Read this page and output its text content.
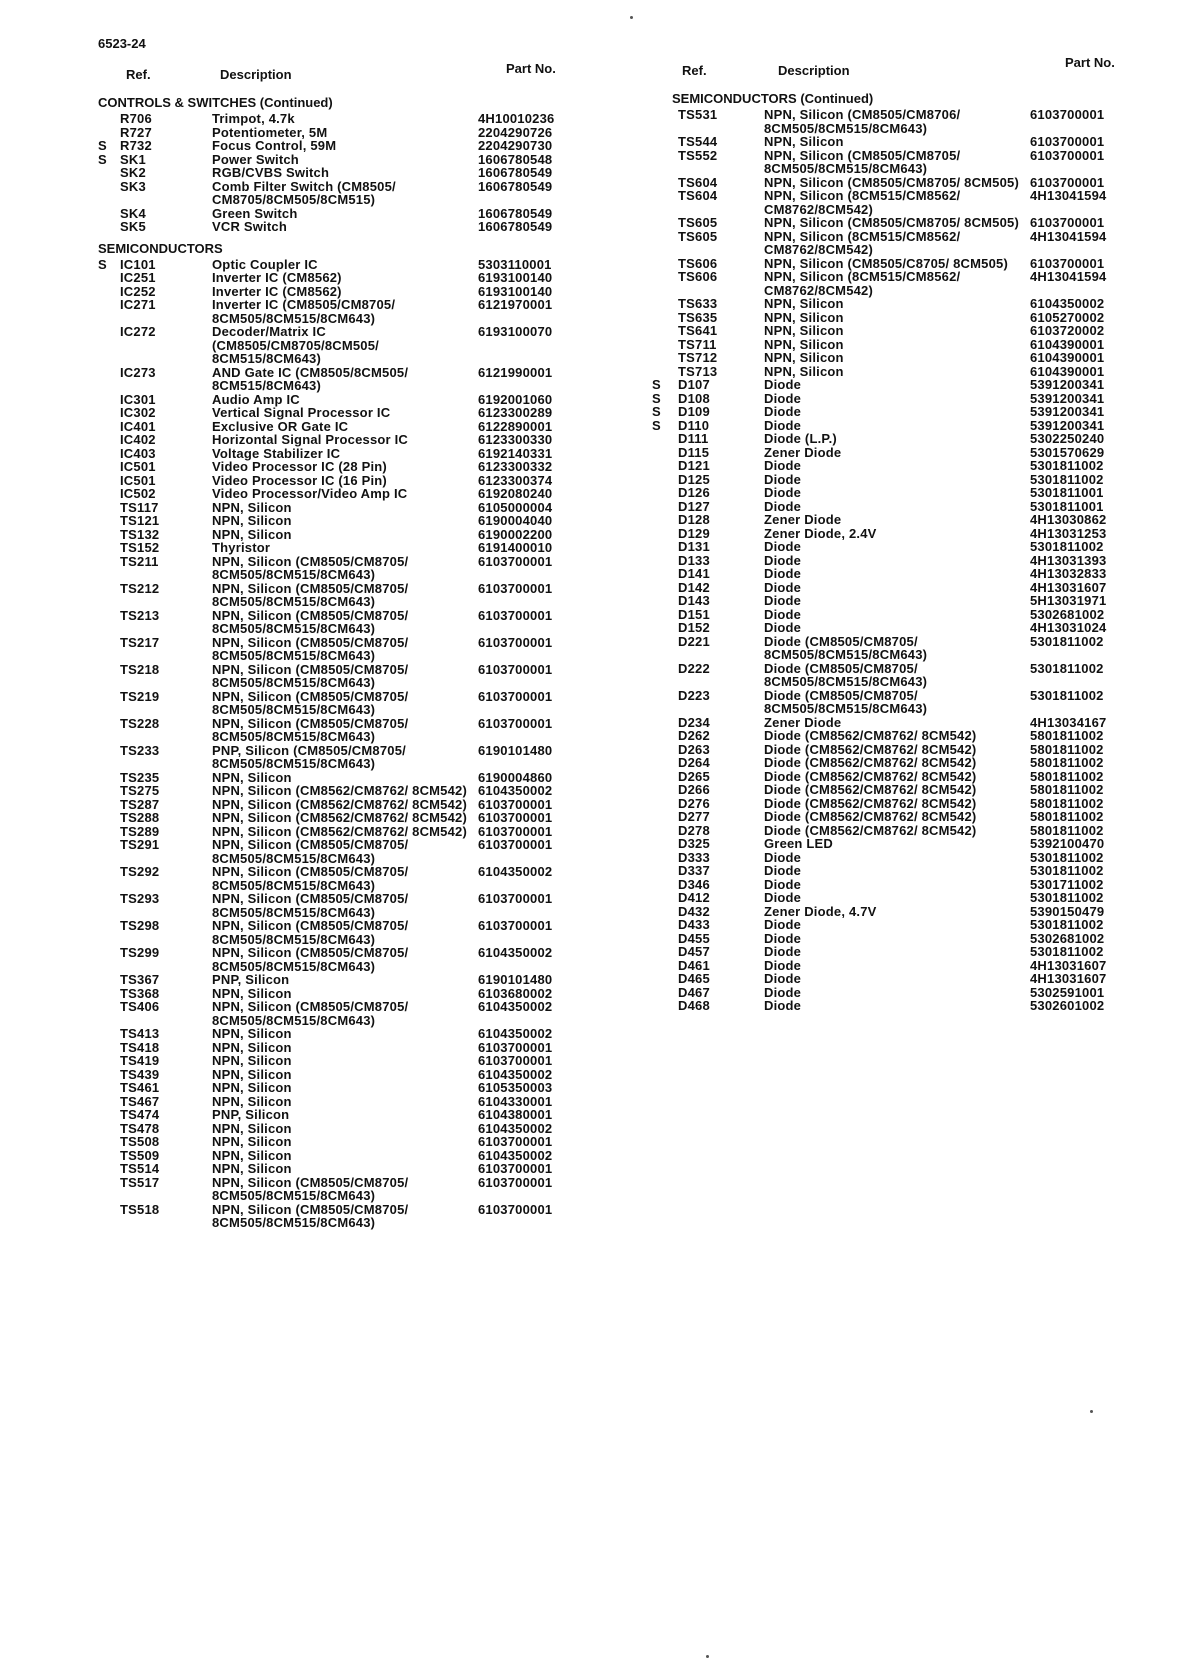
6523-24
Ref.	Description	Part No.
CONTROLS & SWITCHES (Continued)
R706	Trimpot, 4.7k	4H10010236
R727	Potentiometer, 5M	2204290726
S R732	Focus Control, 59M	2204290730
S SK1	Power Switch	1606780548
SK2	RGB/CVBS Switch	1606780549
SK3	Comb Filter Switch (CM8505/ CM8705/8CM505/8CM515)
1606780549
SK4	Green Switch	1606780549
SK5	VCR Switch	1606780549
SEMICONDUCTORS
S IC101	Optic Coupler IC	5303110001
IC251	Inverter IC (CM8562)	6193100140
IC252	Inverter IC (CM8562)	6193100140
IC271	Inverter IC (CM8505/CM8705/ 8CM505/8CM515/8CM643)
6121970001
IC272	Decoder/Matrix IC (CM8505/CM8705/8CM505/ 8CM515/8CM643)
6193100070
IC273	AND Gate IC (CM8505/8CM505/ 8CM515/8CM643)
6121990001
IC301	Audio Amp IC	6192001060
IC302	Vertical Signal Processor IC	6123300289
IC401	Exclusive OR Gate IC	6122890001
IC402	Horizontal Signal Processor IC	6123300330
IC403	Voltage Stabilizer IC	6192140331
IC501	Video Processor IC (28 Pin)	6123300332
IC501	Video Processor IC (16 Pin)	6123300374
IC502	Video Processor/Video Amp IC	6192080240
TS117	NPN, Silicon	6105000004
TS121	NPN, Silicon	6190004040
TS132	NPN, Silicon	6190002200
TS152	Thyristor	6191400010
TS211	NPN, Silicon (CM8505/CM8705/ 8CM505/8CM515/8CM643)
6103700001
TS212	NPN, Silicon (CM8505/CM8705/ 8CM505/8CM515/8CM643)
6103700001
TS213	NPN, Silicon (CM8505/CM8705/ 8CM505/8CM515/8CM643)
6103700001
TS217	NPN, Silicon (CM8505/CM8705/ 8CM505/8CM515/8CM643)
6103700001
TS218	NPN, Silicon (CM8505/CM8705/ 8CM505/8CM515/8CM643)
6103700001
TS219	NPN, Silicon (CM8505/CM8705/ 8CM505/8CM515/8CM643)
6103700001
TS228	NPN, Silicon (CM8505/CM8705/ 8CM505/8CM515/8CM643)
6103700001
TS233	PNP, Silicon (CM8505/CM8705/ 8CM505/8CM515/8CM643)
6190101480
TS235	NPN, Silicon	6190004860
TS275	NPN, Silicon (CM8562/CM8762/ 8CM542) 6104350002
TS287	NPN, Silicon (CM8562/CM8762/ 8CM542) 6103700001
TS288	NPN, Silicon (CM8562/CM8762/ 8CM542) 6103700001
TS289	NPN, Silicon (CM8562/CM8762/ 8CM542) 6103700001
TS291	NPN, Silicon (CM8505/CM8705/ 8CM505/8CM515/8CM643)
6103700001
TS292	NPN, Silicon (CM8505/CM8705/ 8CM505/8CM515/8CM643)
6104350002
TS293	NPN, Silicon (CM8505/CM8705/ 8CM505/8CM515/8CM643)
6103700001
TS298	NPN, Silicon (CM8505/CM8705/ 8CM505/8CM515/8CM643)
6103700001
TS299	NPN, Silicon (CM8505/CM8705/ 8CM505/8CM515/8CM643)
6104350002
TS367	PNP, Silicon	6190101480
TS368	NPN, Silicon	6103680002
TS406	NPN, Silicon (CM8505/CM8705/ 8CM505/8CM515/8CM643)
6104350002
TS413	NPN, Silicon	6104350002
TS418	NPN, Silicon	6103700001
TS419	NPN, Silicon	6103700001
TS439	NPN, Silicon	6104350002
TS461	NPN, Silicon	6105350003
TS467	NPN, Silicon	6104330001
TS474	PNP, Silicon	6104380001
TS478	NPN, Silicon	6104350002
TS508	NPN, Silicon	6103700001
TS509	NPN, Silicon	6104350002
TS514	NPN, Silicon	6103700001
TS517	NPN, Silicon (CM8505/CM8705/ 8CM505/8CM515/8CM643)
6103700001
TS518	NPN, Silicon (CM8505/CM8705/ 8CM505/8CM515/8CM643)
6103700001
Ref.	Description
Part No.
SEMICONDUCTORS (Continued)
TS531	NPN, Silicon (CM8505/CM8706/ 8CM505/8CM515/8CM643)
6103700001
TS544	NPN, Silicon	6103700001
TS552	NPN, Silicon (CM8505/CM8705/ 8CM505/8CM515/8CM643)
6103700001
TS604	NPN, Silicon (CM8505/CM8705/ 8CM505) 6103700001
TS604	NPN, Silicon (8CM515/CM8562/ CM8762/8CM542)
4H13041594
TS605	NPN, Silicon (CM8505/CM8705/ 8CM505) 6103700001
TS605	NPN, Silicon (8CM515/CM8562/ CM8762/8CM542)
4H13041594
TS606	NPN, Silicon (CM8505/C8705/ 8CM505)	6103700001
TS606	NPN, Silicon (8CM515/CM8562/ CM8762/8CM542)
4H13041594
TS633	NPN, Silicon	6104350002
TS635	NPN, Silicon	6105270002
TS641	NPN, Silicon	6103720002
TS711	NPN, Silicon	6104390001
TS712	NPN, Silicon	6104390001
TS713	NPN, Silicon	6104390001
S D107	Diode	5391200341
S D108	Diode	5391200341
S D109	Diode	5391200341
S D110	Diode	5391200341
D111	Diode (L.P.)	5302250240
D115	Zener Diode	5301570629
D121	Diode	5301811002
D125	Diode	5301811002
D126	Diode	5301811001
D127	Diode	5301811001
D128	Zener Diode	4H13030862
D129	Zener Diode, 2.4V	4H13031253
D131	Diode	5301811002
D133	Diode	4H13031393
D141	Diode	4H13032833
D142	Diode	4H13031607
D143	Diode	5H13031971
D151	Diode	5302681002
D152	Diode	4H13031024
D221	Diode (CM8505/CM8705/ 8CM505/8CM515/8CM643)
5301811002
D222	Diode (CM8505/CM8705/ 8CM505/8CM515/8CM643)
5301811002
D223	Diode (CM8505/CM8705/ 8CM505/8CM515/8CM643)
5301811002
D234	Zener Diode	4H13034167
D262	Diode (CM8562/CM8762/ 8CM542)	5801811002
D263	Diode (CM8562/CM8762/ 8CM542)	5801811002
D264	Diode (CM8562/CM8762/ 8CM542)	5801811002
D265	Diode (CM8562/CM8762/ 8CM542)	5801811002
D266	Diode (CM8562/CM8762/ 8CM542)	5801811002
D276	Diode (CM8562/CM8762/ 8CM542)	5801811002
D277	Diode (CM8562/CM8762/ 8CM542)	5801811002
D278	Diode (CM8562/CM8762/ 8CM542)	5801811002
D325	Green LED	5392100470
D333	Diode	5301811002
D337	Diode	5301811002
D346	Diode	5301711002
D412	Diode	5301811002
D432	Zener Diode, 4.7V	5390150479
D433	Diode	5301811002
D455	Diode	5302681002
D457	Diode	5301811002
D461	Diode	4H13031607
D465	Diode	4H13031607
D467	Diode	5302591001
D468	Diode	5302601002
